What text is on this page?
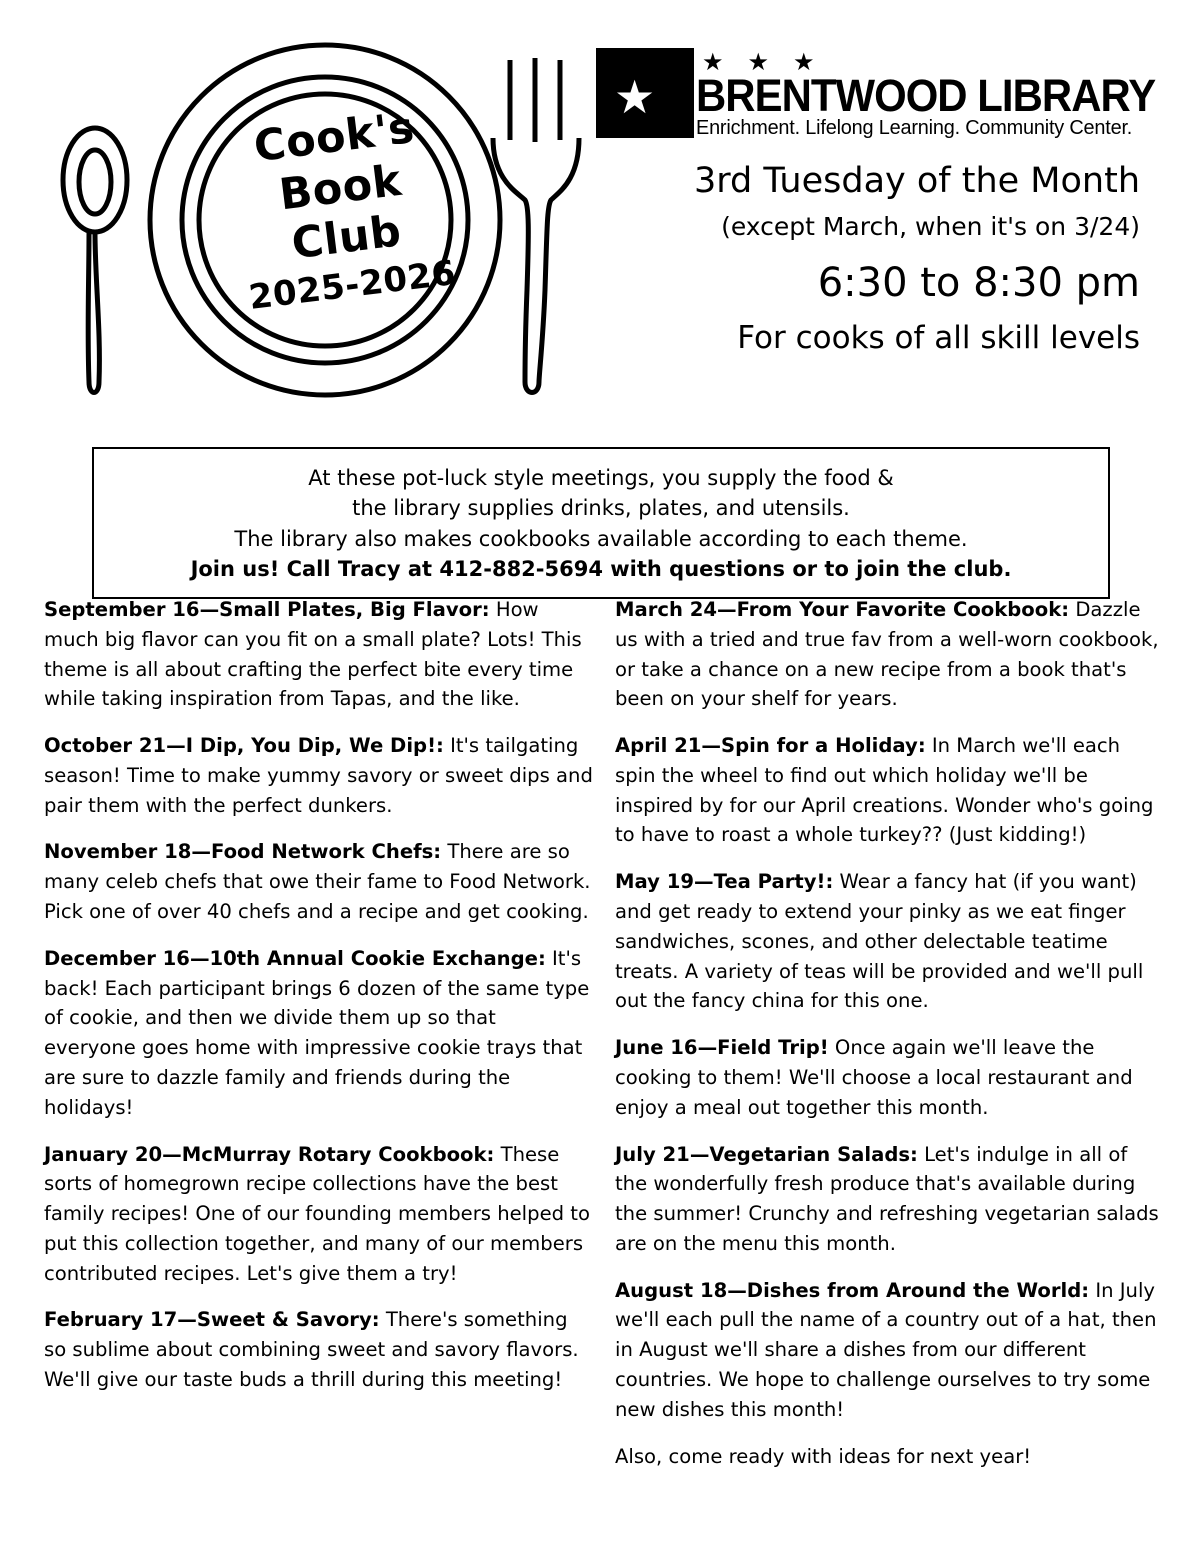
Cook's
Book
Club
2025-2026
★
★★★
BRENTWOOD LIBRARY
Enrichment. Lifelong Learning. Community Center.
3rd Tuesday of the Month
(except March, when it's on 3/24)
6:30 to 8:30 pm
For cooks of all skill levels
At these pot-luck style meetings, you supply the food &
the library supplies drinks, plates, and utensils.
The library also makes cookbooks available according to each theme.
Join us! Call Tracy at 412-882-5694 with questions or to join the club.
September 16—Small Plates, Big Flavor: How much big flavor can you fit on a small plate? Lots! This theme is all about crafting the perfect bite every time while taking inspiration from Tapas, and the like.
October 21—I Dip, You Dip, We Dip!: It's tailgating season! Time to make yummy savory or sweet dips and pair them with the perfect dunkers.
November 18—Food Network Chefs: There are so many celeb chefs that owe their fame to Food Network. Pick one of over 40 chefs and a recipe and get cooking.
December 16—10th Annual Cookie Exchange: It's back! Each participant brings 6 dozen of the same type of cookie, and then we divide them up so that everyone goes home with impressive cookie trays that are sure to dazzle family and friends during the holidays!
January 20—McMurray Rotary Cookbook: These sorts of homegrown recipe collections have the best family recipes! One of our founding members helped to put this collection together, and many of our members contributed recipes. Let's give them a try!
February 17—Sweet & Savory: There's something so sublime about combining sweet and savory flavors. We'll give our taste buds a thrill during this meeting!
March 24—From Your Favorite Cookbook: Dazzle us with a tried and true fav from a well-worn cookbook, or take a chance on a new recipe from a book that's been on your shelf for years.
April 21—Spin for a Holiday: In March we'll each spin the wheel to find out which holiday we'll be inspired by for our April creations. Wonder who's going to have to roast a whole turkey?? (Just kidding!)
May 19—Tea Party!: Wear a fancy hat (if you want) and get ready to extend your pinky as we eat finger sandwiches, scones, and other delectable teatime treats. A variety of teas will be provided and we'll pull out the fancy china for this one.
June 16—Field Trip! Once again we'll leave the cooking to them! We'll choose a local restaurant and enjoy a meal out together this month.
July 21—Vegetarian Salads: Let's indulge in all of the wonderfully fresh produce that's available during the summer! Crunchy and refreshing vegetarian salads are on the menu this month.
August 18—Dishes from Around the World: In July we'll each pull the name of a country out of a hat, then in August we'll share a dishes from our different countries. We hope to challenge ourselves to try some new dishes this month!
Also, come ready with ideas for next year!
